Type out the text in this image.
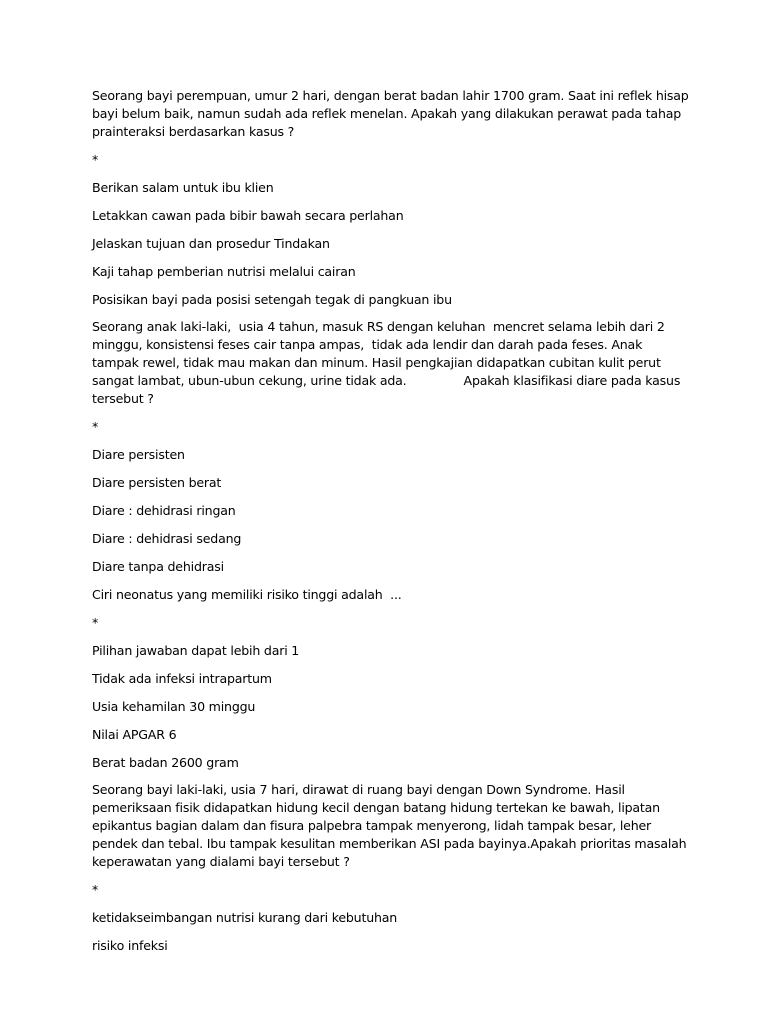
Seorang bayi perempuan, umur 2 hari, dengan berat badan lahir 1700 gram. Saat ini reflek hisap bayi belum baik, namun sudah ada reflek menelan. Apakah yang dilakukan perawat pada tahap prainteraksi berdasarkan kasus ?

*

Berikan salam untuk ibu klien

Letakkan cawan pada bibir bawah secara perlahan

Jelaskan tujuan dan prosedur Tindakan

Kaji tahap pemberian nutrisi melalui cairan

Posisikan bayi pada posisi setengah tegak di pangkuan ibu

Seorang anak laki-laki,  usia 4 tahun, masuk RS dengan keluhan  mencret selama lebih dari 2 minggu, konsistensi feses cair tanpa ampas,  tidak ada lendir dan darah pada feses. Anak tampak rewel, tidak mau makan dan minum. Hasil pengkajian didapatkan cubitan kulit perut sangat lambat, ubun-ubun cekung, urine tidak ada.               Apakah klasifikasi diare pada kasus tersebut ?

*

Diare persisten

Diare persisten berat

Diare : dehidrasi ringan

Diare : dehidrasi sedang

Diare tanpa dehidrasi

Ciri neonatus yang memiliki risiko tinggi adalah  ...

*

Pilihan jawaban dapat lebih dari 1

Tidak ada infeksi intrapartum

Usia kehamilan 30 minggu

Nilai APGAR 6

Berat badan 2600 gram

Seorang bayi laki-laki, usia 7 hari, dirawat di ruang bayi dengan Down Syndrome. Hasil pemeriksaan fisik didapatkan hidung kecil dengan batang hidung tertekan ke bawah, lipatan epikantus bagian dalam dan fisura palpebra tampak menyerong, lidah tampak besar, leher pendek dan tebal. Ibu tampak kesulitan memberikan ASI pada bayinya.Apakah prioritas masalah keperawatan yang dialami bayi tersebut ?

*

ketidakseimbangan nutrisi kurang dari kebutuhan

risiko infeksi
